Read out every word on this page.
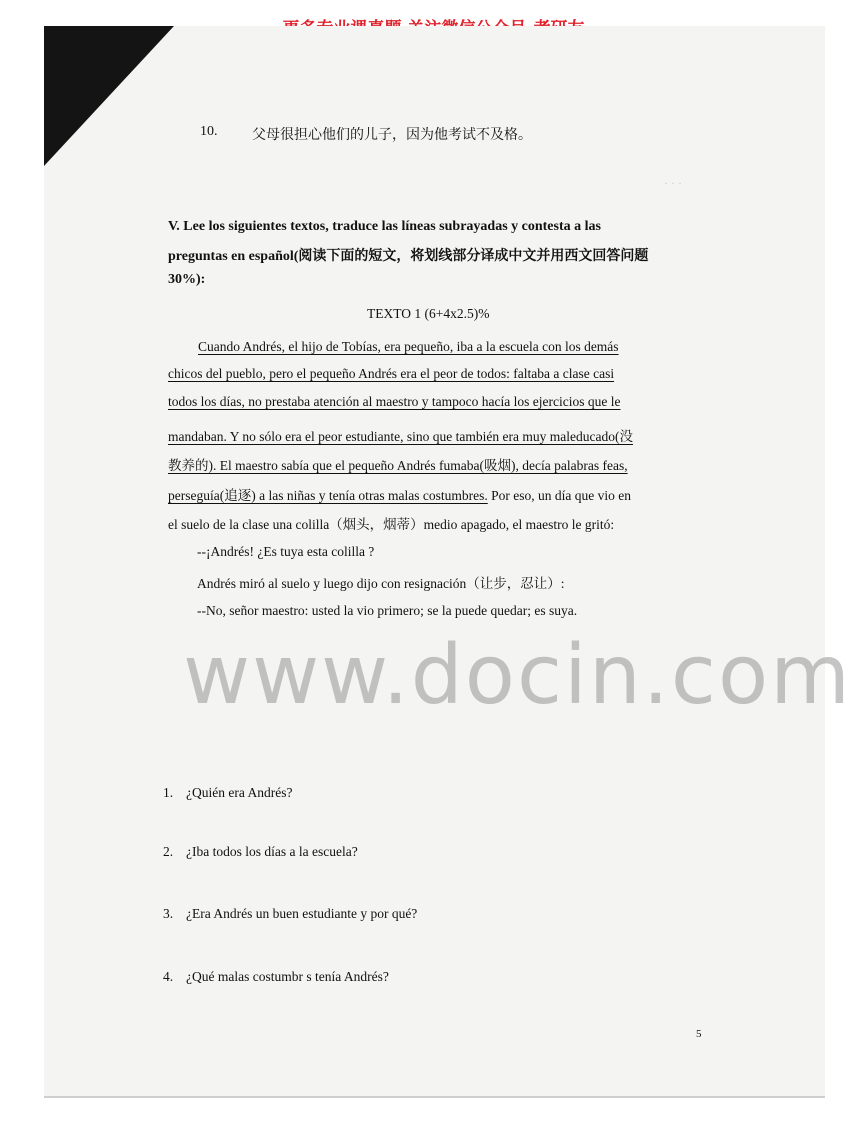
· · ·
10. 父母很担心他们的儿子，因为他考试不及格。
V. Lee los siguientes textos, traduce las líneas subrayadas y contesta a las
preguntas en español(阅读下面的短文，将划线部分译成中文并用西文回答问题
30%):
TEXTO 1 (6+4x2.5)%
Cuando Andrés, el hijo de Tobías, era pequeño, iba a la escuela con los demás
chicos del pueblo, pero el pequeño Andrés era el peor de todos: faltaba a clase casi
todos los días, no prestaba atención al maestro y tampoco hacía los ejercicios que le
mandaban. Y no sólo era el peor estudiante, sino que también era muy maleducado(没
教养的). El maestro sabía que el pequeño Andrés fumaba(吸烟), decía palabras feas,
perseguía(追逐) a las niñas y tenía otras malas costumbres. Por eso, un día que vio en
el suelo de la clase una colilla（烟头，烟蒂）medio apagado, el maestro le gritó:
--¡Andrés! ¿Es tuya esta colilla ?
Andrés miró al suelo y luego dijo con resignación（让步，忍让）:
--No, señor maestro: usted la vio primero; se la puede quedar; es suya.
www.docin.com
1. ¿Quién era Andrés?
2. ¿Iba todos los días a la escuela?
3. ¿Era Andrés un buen estudiante y por qué?
4. ¿Qué malas costumbr s tenía Andrés?
5
